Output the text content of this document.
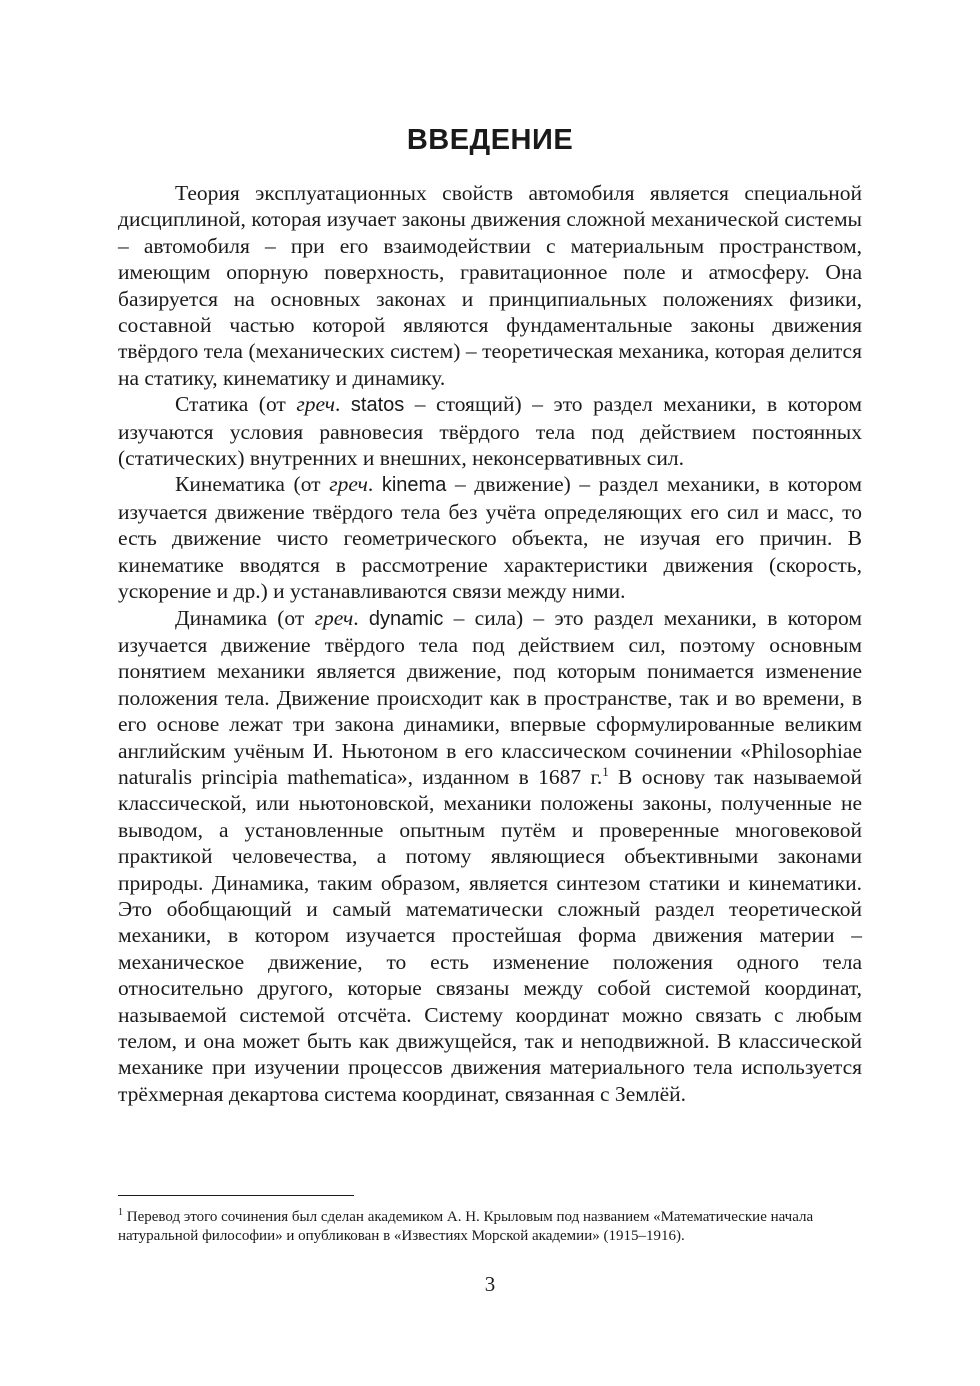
ВВЕДЕНИЕ

Теория эксплуатационных свойств автомобиля является специальной дисциплиной, которая изучает законы движения сложной механической системы – автомобиля – при его взаимодействии с материальным пространством, имеющим опорную поверхность, гравитационное поле и атмосферу. Она базируется на основных законах и принципиальных положениях физики, составной частью которой являются фундаментальные законы движения твёрдого тела (механических систем) – теоретическая механика, которая делится на статику, кинематику и динамику.

Статика (от греч. statos – стоящий) – это раздел механики, в котором изучаются условия равновесия твёрдого тела под действием постоянных (статических) внутренних и внешних, неконсервативных сил.

Кинематика (от греч. kinema – движение) – раздел механики, в котором изучается движение твёрдого тела без учёта определяющих его сил и масс, то есть движение чисто геометрического объекта, не изучая его причин. В кинематике вводятся в рассмотрение характеристики движения (скорость, ускорение и др.) и устанавливаются связи между ними.

Динамика (от греч. dynamic – сила) – это раздел механики, в котором изучается движение твёрдого тела под действием сил, поэтому основным понятием механики является движение, под которым понимается изменение положения тела. Движение происходит как в пространстве, так и во времени, в его основе лежат три закона динамики, впервые сформулированные великим английским учёным И. Ньютоном в его классическом сочинении «Philosophiae naturalis principia mathematica», изданном в 1687 г.$^1$ В основу так называемой классической, или ньютоновской, механики положены законы, полученные не выводом, а установленные опытным путём и проверенные многовековой практикой человечества, а потому являющиеся объективными законами природы. Динамика, таким образом, является синтезом статики и кинематики. Это обобщающий и самый математически сложный раздел теоретической механики, в котором изучается простейшая форма движения материи – механическое движение, то есть изменение положения одного тела относительно другого, которые связаны между собой системой координат, называемой системой отсчёта. Систему координат можно связать с любым телом, и она может быть как движущейся, так и неподвижной. В классической механике при изучении процессов движения материального тела используется трёхмерная декартова система координат, связанная с Землёй.

$^1$ Перевод этого сочинения был сделан академиком А. Н. Крыловым под названием «Математические начала натуральной философии» и опубликован в «Известиях Морской академии» (1915–1916).
3
